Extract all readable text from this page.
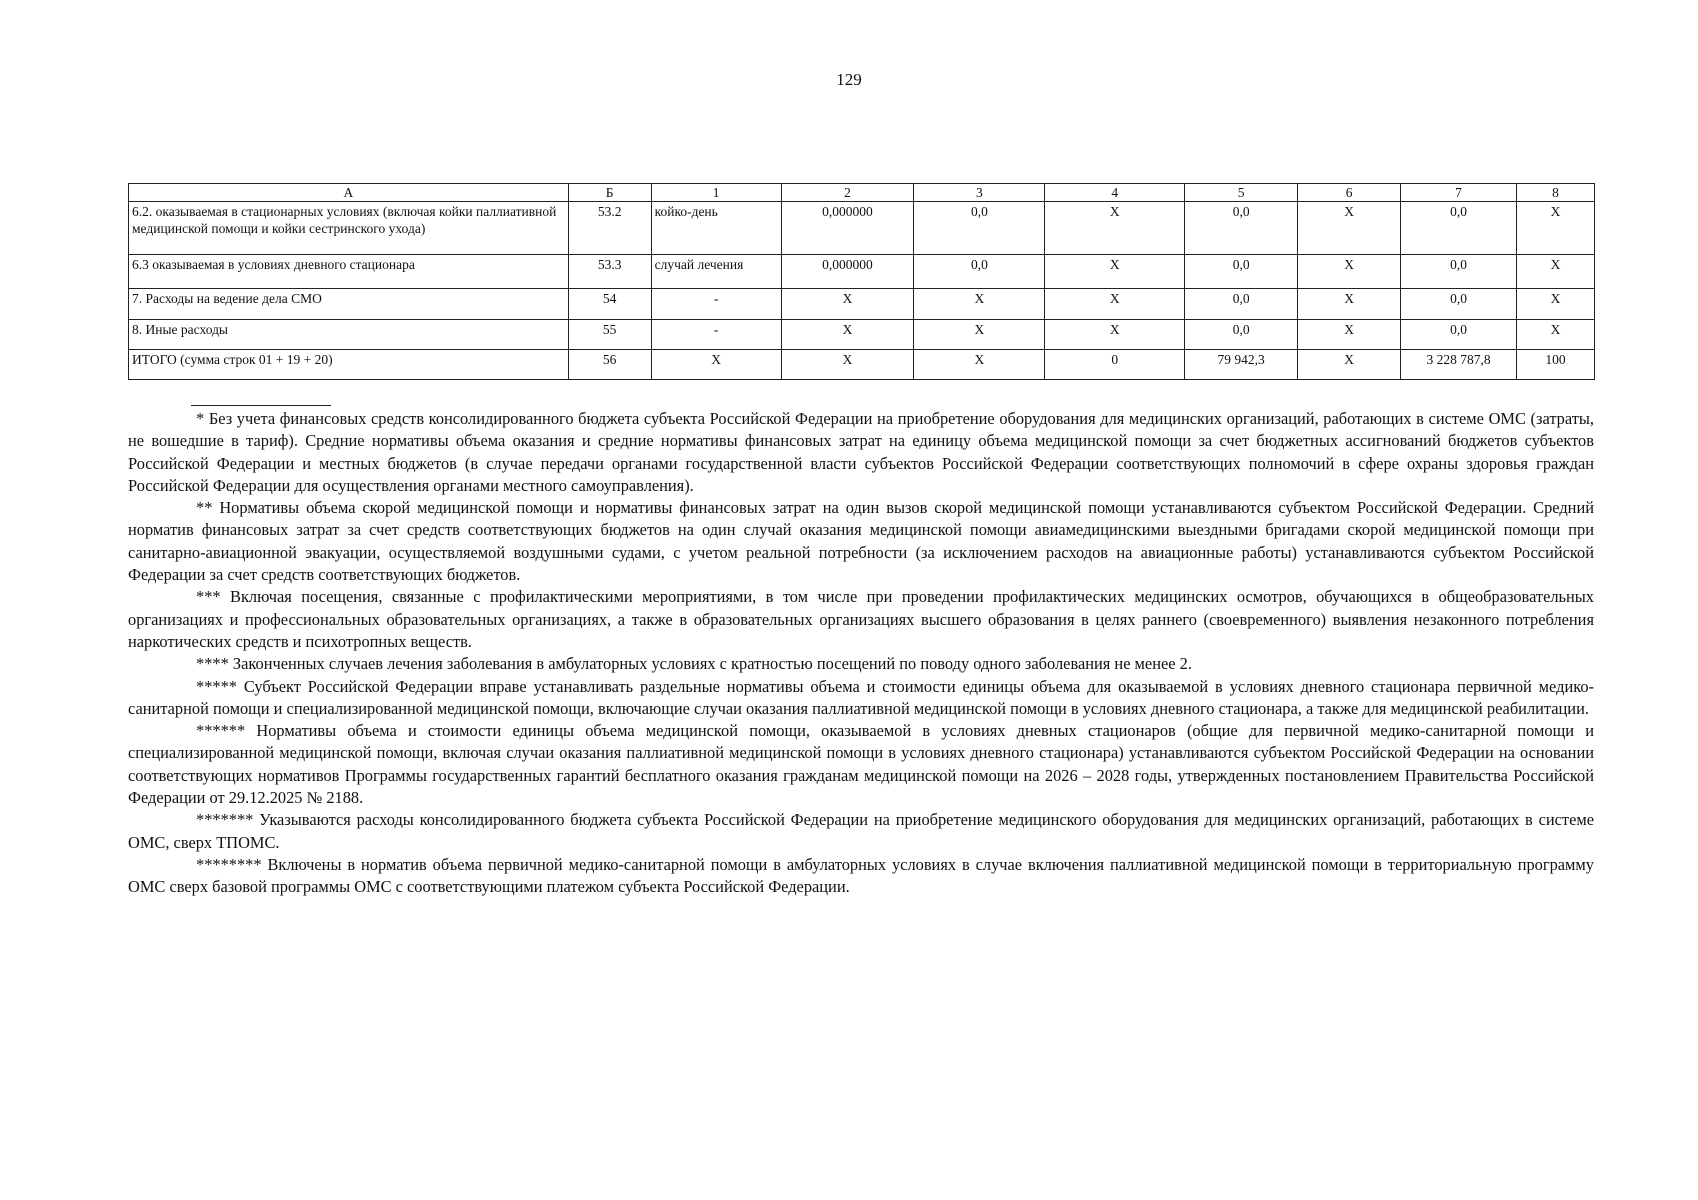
129
А	Б	1	2	3	4	5	6	7	8
6.2. оказываемая в стационарных условиях (включая койки паллиативной медицинской помощи и койки сестринского ухода)	53.2	койко-день	0,000000	0,0	X	0,0	X	0,0	X
6.3 оказываемая в условиях дневного стационара	53.3	случай лечения	0,000000	0,0	X	0,0	X	0,0	X
7. Расходы на ведение дела СМО	54	-	X	X	X	0,0	X	0,0	X
8. Иные расходы	55	-	X	X	X	0,0	X	0,0	X
ИТОГО (сумма строк 01 + 19 + 20)	56	X	X	X	0	79 942,3	X	3 228 787,8	100

* Без учета финансовых средств консолидированного бюджета субъекта Российской Федерации на приобретение оборудования для медицинских организаций, работающих в системе ОМС (затраты, не вошедшие в тариф). Средние нормативы объема оказания и средние нормативы финансовых затрат на единицу объема медицинской помощи за счет бюджетных ассигнований бюджетов субъектов Российской Федерации и местных бюджетов (в случае передачи органами государственной власти субъектов Российской Федерации соответствующих полномочий в сфере охраны здоровья граждан Российской Федерации для осуществления органами местного самоуправления).

** Нормативы объема скорой медицинской помощи и нормативы финансовых затрат на один вызов скорой медицинской помощи устанавливаются субъектом Российской Федерации. Средний норматив финансовых затрат за счет средств соответствующих бюджетов на один случай оказания медицинской помощи авиамедицинскими выездными бригадами скорой медицинской помощи при санитарно-авиационной эвакуации, осуществляемой воздушными судами, с учетом реальной потребности (за исключением расходов на авиационные работы) устанавливаются субъектом Российской Федерации за счет средств соответствующих бюджетов.

*** Включая посещения, связанные с профилактическими мероприятиями, в том числе при проведении профилактических медицинских осмотров, обучающихся в общеобразовательных организациях и профессиональных образовательных организациях, а также в образовательных организациях высшего образования в целях раннего (своевременного) выявления незаконного потребления наркотических средств и психотропных веществ.

**** Законченных случаев лечения заболевания в амбулаторных условиях с кратностью посещений по поводу одного заболевания не менее 2.

***** Субъект Российской Федерации вправе устанавливать раздельные нормативы объема и стоимости единицы объема для оказываемой в условиях дневного стационара первичной медико-санитарной помощи и специализированной медицинской помощи, включающие случаи оказания паллиативной медицинской помощи в условиях дневного стационара, а также для медицинской реабилитации.

****** Нормативы объема и стоимости единицы объема медицинской помощи, оказываемой в условиях дневных стационаров (общие для первичной медико-санитарной помощи и специализированной медицинской помощи, включая случаи оказания паллиативной медицинской помощи в условиях дневного стационара) устанавливаются субъектом Российской Федерации на основании соответствующих нормативов Программы государственных гарантий бесплатного оказания гражданам медицинской помощи на 2026 – 2028 годы, утвержденных постановлением Правительства Российской Федерации от 29.12.2025 № 2188.

******* Указываются расходы консолидированного бюджета субъекта Российской Федерации на приобретение медицинского оборудования для медицинских организаций, работающих в системе ОМС, сверх ТПОМС.

******** Включены в норматив объема первичной медико-санитарной помощи в амбулаторных условиях в случае включения паллиативной медицинской помощи в территориальную программу ОМС сверх базовой программы ОМС с соответствующими платежом субъекта Российской Федерации.
